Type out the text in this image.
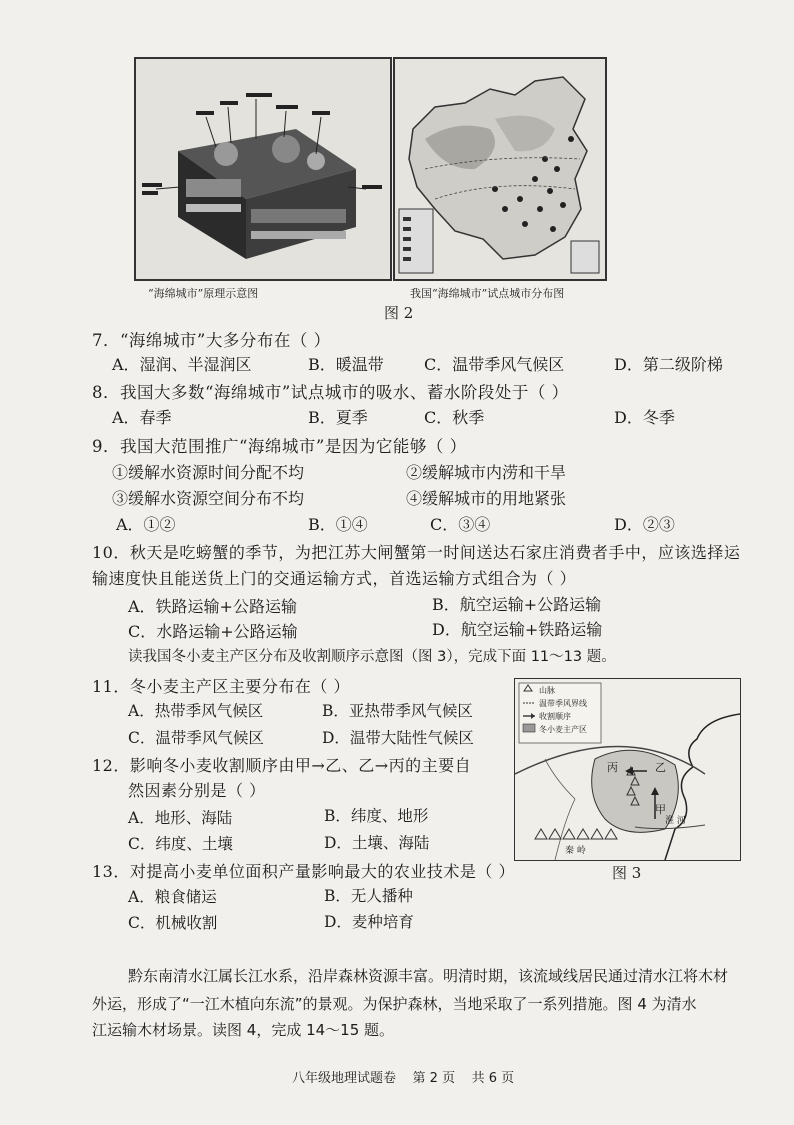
“海绵城市”原理示意图	我国“海绵城市”试点城市分布图
图 2
7．“海绵城市”大多分布在（ ）
A．湿润、半湿润区	B．暖温带	C．温带季风气候区	D．第二级阶梯
8．我国大多数“海绵城市”试点城市的吸水、蓄水阶段处于（ ）
A．春季	B．夏季	C．秋季	D．冬季
9．我国大范围推广“海绵城市”是因为它能够（ ）
①缓解水资源时间分配不均	②缓解城市内涝和干旱
③缓解水资源空间分布不均	④缓解城市的用地紧张
A．①②	B．①④	C．③④	D．②③
10．秋天是吃螃蟹的季节，为把江苏大闸蟹第一时间送达石家庄消费者手中，应该选择运
输速度快且能送货上门的交通运输方式，首选运输方式组合为（ ）
A．铁路运输+公路运输	B．航空运输+公路运输
C．水路运输+公路运输	D．航空运输+铁路运输
读我国冬小麦主产区分布及收割顺序示意图（图 3），完成下面 11～13 题。
11．冬小麦主产区主要分布在（ ）
A．热带季风气候区	B．亚热带季风气候区
C．温带季风气候区	D．温带大陆性气候区
12．影响冬小麦收割顺序由甲→乙、乙→丙的主要自
然因素分别是（ ）
A．地形、海陆	B．纬度、地形
C．纬度、土壤	D．土壤、海陆
13．对提高小麦单位面积产量影响最大的农业技术是（ ）
A．粮食储运	B．无人播种
C．机械收割	D．麦种培育
山脉
温带季风界线
收割顺序
冬小麦主产区
丙	乙
甲
淮 河
秦 岭
图 3
黔东南清水江属长江水系，沿岸森林资源丰富。明清时期，该流域线居民通过清水江将木材
外运，形成了“一江木植向东流”的景观。为保护森林，当地采取了一系列措施。图 4 为清水
江运输木材场景。读图 4，完成 14～15 题。
八年级地理试题卷    第 2 页    共 6 页
